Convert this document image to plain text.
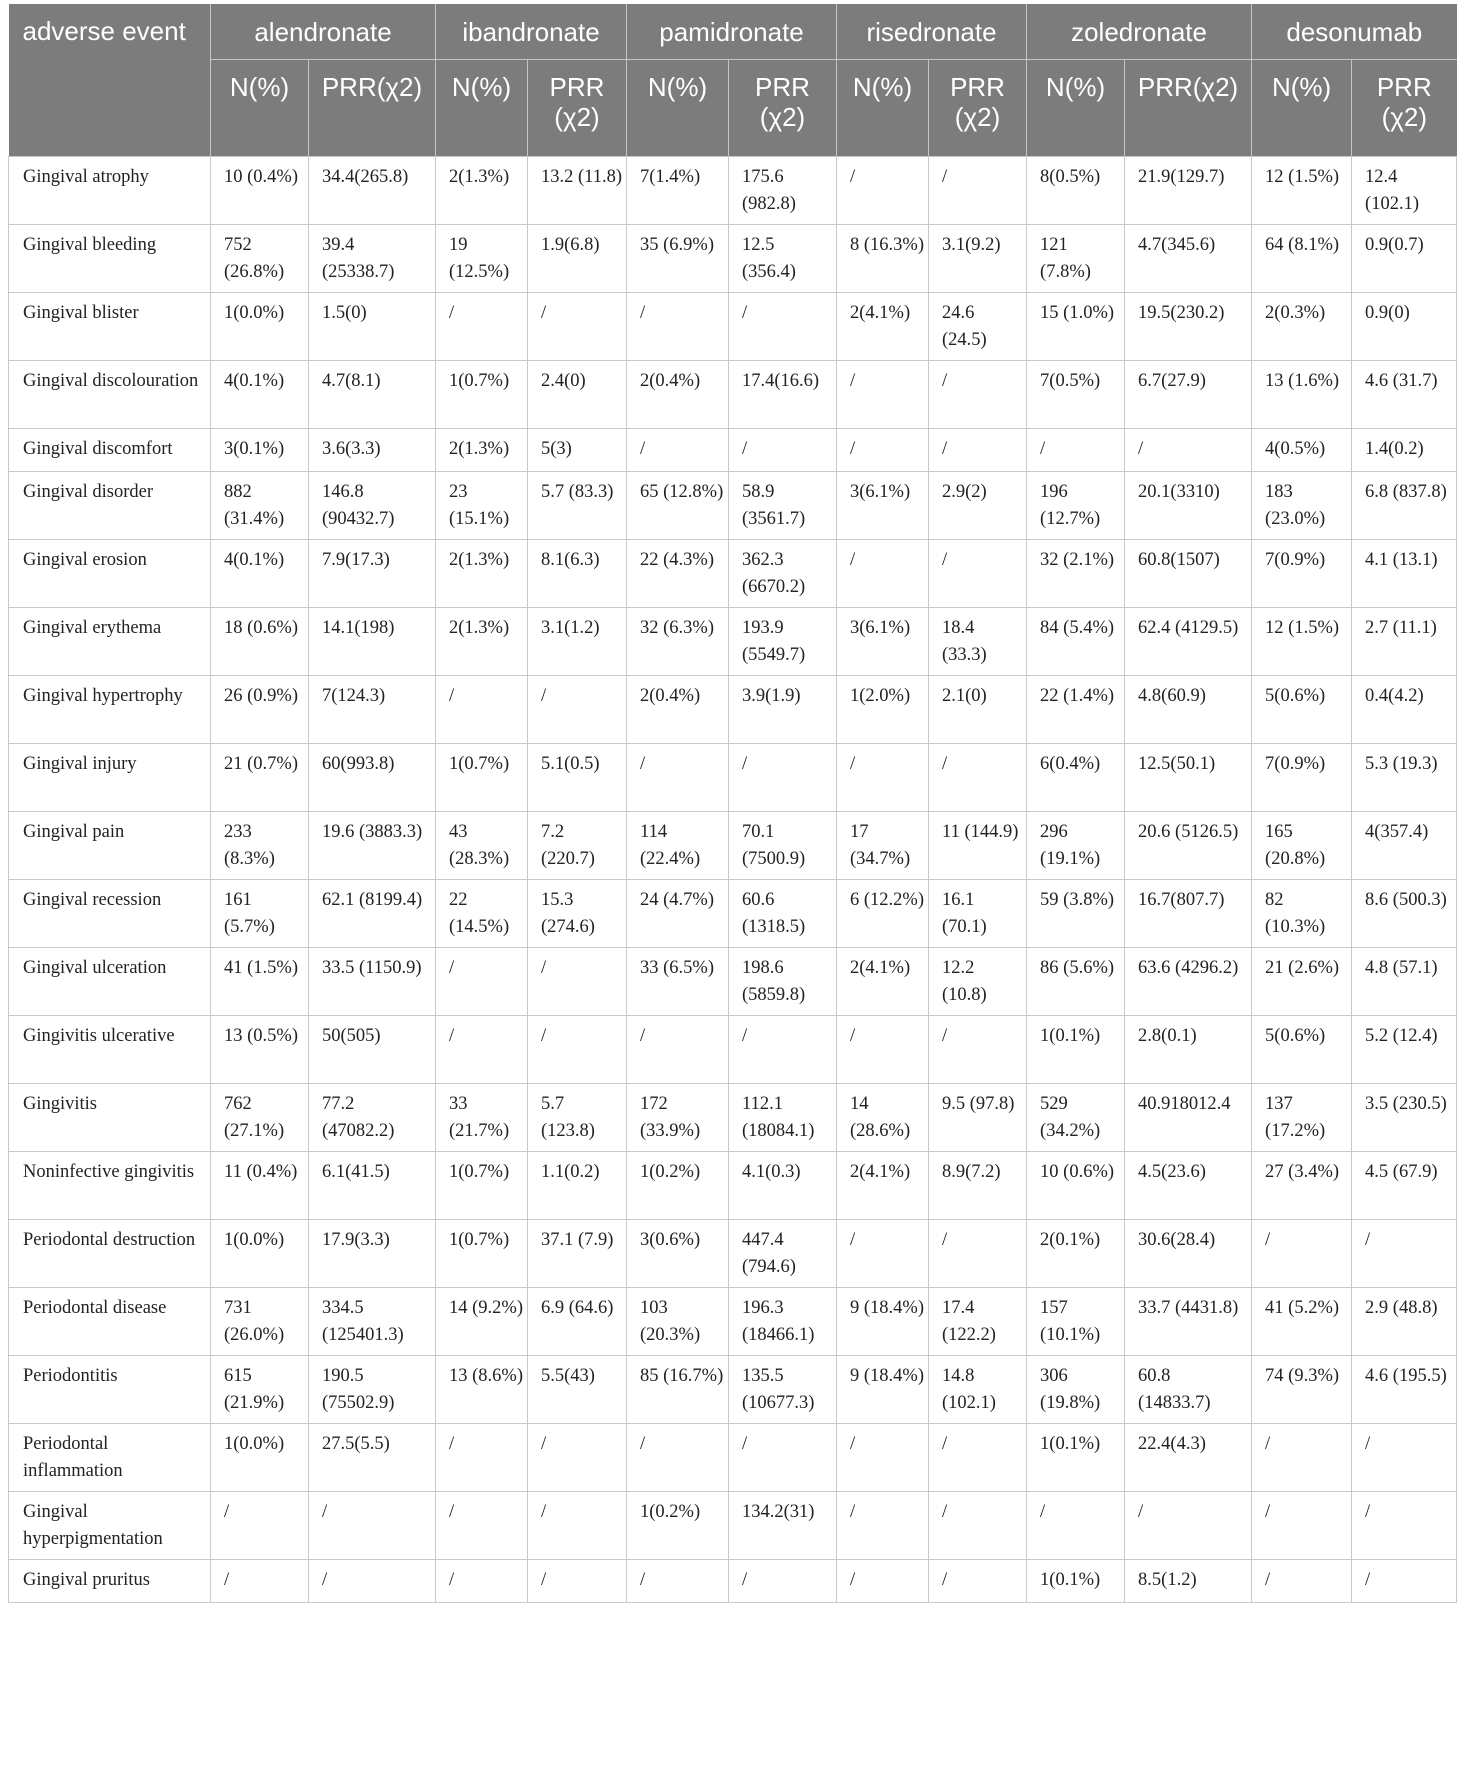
adverse event	alendronate		ibandronate		pamidronate		risedronate		zoledronate		desonumab	
	N(%)	PRR(χ2)	N(%)	PRR (χ2)	N(%)	PRR (χ2)	N(%)	PRR (χ2)	N(%)	PRR(χ2)	N(%)	PRR (χ2)
Gingival atrophy	10 (0.4%)	34.4(265.8)	2(1.3%)	13.2 (11.8)	7(1.4%)	175.6 (982.8)	/	/	8(0.5%)	21.9(129.7)	12 (1.5%)	12.4 (102.1)
Gingival bleeding	752 (26.8%)	39.4 (25338.7)	19 (12.5%)	1.9(6.8)	35 (6.9%)	12.5 (356.4)	8 (16.3%)	3.1(9.2)	121 (7.8%)	4.7(345.6)	64 (8.1%)	0.9(0.7)
Gingival blister	1(0.0%)	1.5(0)	/	/	/	/	2(4.1%)	24.6 (24.5)	15 (1.0%)	19.5(230.2)	2(0.3%)	0.9(0)
Gingival discolouration	4(0.1%)	4.7(8.1)	1(0.7%)	2.4(0)	2(0.4%)	17.4(16.6)	/	/	7(0.5%)	6.7(27.9)	13 (1.6%)	4.6 (31.7)
Gingival discomfort	3(0.1%)	3.6(3.3)	2(1.3%)	5(3)	/	/	/	/	/	/	4(0.5%)	1.4(0.2)
Gingival disorder	882 (31.4%)	146.8 (90432.7)	23 (15.1%)	5.7 (83.3)	65 (12.8%)	58.9 (3561.7)	3(6.1%)	2.9(2)	196 (12.7%)	20.1(3310)	183 (23.0%)	6.8 (837.8)
Gingival erosion	4(0.1%)	7.9(17.3)	2(1.3%)	8.1(6.3)	22 (4.3%)	362.3 (6670.2)	/	/	32 (2.1%)	60.8(1507)	7(0.9%)	4.1 (13.1)
Gingival erythema	18 (0.6%)	14.1(198)	2(1.3%)	3.1(1.2)	32 (6.3%)	193.9 (5549.7)	3(6.1%)	18.4 (33.3)	84 (5.4%)	62.4 (4129.5)	12 (1.5%)	2.7 (11.1)
Gingival hypertrophy	26 (0.9%)	7(124.3)	/	/	2(0.4%)	3.9(1.9)	1(2.0%)	2.1(0)	22 (1.4%)	4.8(60.9)	5(0.6%)	0.4(4.2)
Gingival injury	21 (0.7%)	60(993.8)	1(0.7%)	5.1(0.5)	/	/	/	/	6(0.4%)	12.5(50.1)	7(0.9%)	5.3 (19.3)
Gingival pain	233 (8.3%)	19.6 (3883.3)	43 (28.3%)	7.2 (220.7)	114 (22.4%)	70.1 (7500.9)	17 (34.7%)	11 (144.9)	296 (19.1%)	20.6 (5126.5)	165 (20.8%)	4(357.4)
Gingival recession	161 (5.7%)	62.1 (8199.4)	22 (14.5%)	15.3 (274.6)	24 (4.7%)	60.6 (1318.5)	6 (12.2%)	16.1 (70.1)	59 (3.8%)	16.7(807.7)	82 (10.3%)	8.6 (500.3)
Gingival ulceration	41 (1.5%)	33.5 (1150.9)	/	/	33 (6.5%)	198.6 (5859.8)	2(4.1%)	12.2 (10.8)	86 (5.6%)	63.6 (4296.2)	21 (2.6%)	4.8 (57.1)
Gingivitis ulcerative	13 (0.5%)	50(505)	/	/	/	/	/	/	1(0.1%)	2.8(0.1)	5(0.6%)	5.2 (12.4)
Gingivitis	762 (27.1%)	77.2 (47082.2)	33 (21.7%)	5.7 (123.8)	172 (33.9%)	112.1 (18084.1)	14 (28.6%)	9.5 (97.8)	529 (34.2%)	40.918012.4	137 (17.2%)	3.5 (230.5)
Noninfective gingivitis	11 (0.4%)	6.1(41.5)	1(0.7%)	1.1(0.2)	1(0.2%)	4.1(0.3)	2(4.1%)	8.9(7.2)	10 (0.6%)	4.5(23.6)	27 (3.4%)	4.5 (67.9)
Periodontal destruction	1(0.0%)	17.9(3.3)	1(0.7%)	37.1 (7.9)	3(0.6%)	447.4 (794.6)	/	/	2(0.1%)	30.6(28.4)	/	/
Periodontal disease	731 (26.0%)	334.5 (125401.3)	14 (9.2%)	6.9 (64.6)	103 (20.3%)	196.3 (18466.1)	9 (18.4%)	17.4 (122.2)	157 (10.1%)	33.7 (4431.8)	41 (5.2%)	2.9 (48.8)
Periodontitis	615 (21.9%)	190.5 (75502.9)	13 (8.6%)	5.5(43)	85 (16.7%)	135.5 (10677.3)	9 (18.4%)	14.8 (102.1)	306 (19.8%)	60.8 (14833.7)	74 (9.3%)	4.6 (195.5)
Periodontal inflammation	1(0.0%)	27.5(5.5)	/	/	/	/	/	/	1(0.1%)	22.4(4.3)	/	/
Gingival hyperpigmentation	/	/	/	/	1(0.2%)	134.2(31)	/	/	/	/	/	/
Gingival pruritus	/	/	/	/	/	/	/	/	1(0.1%)	8.5(1.2)	/	/
